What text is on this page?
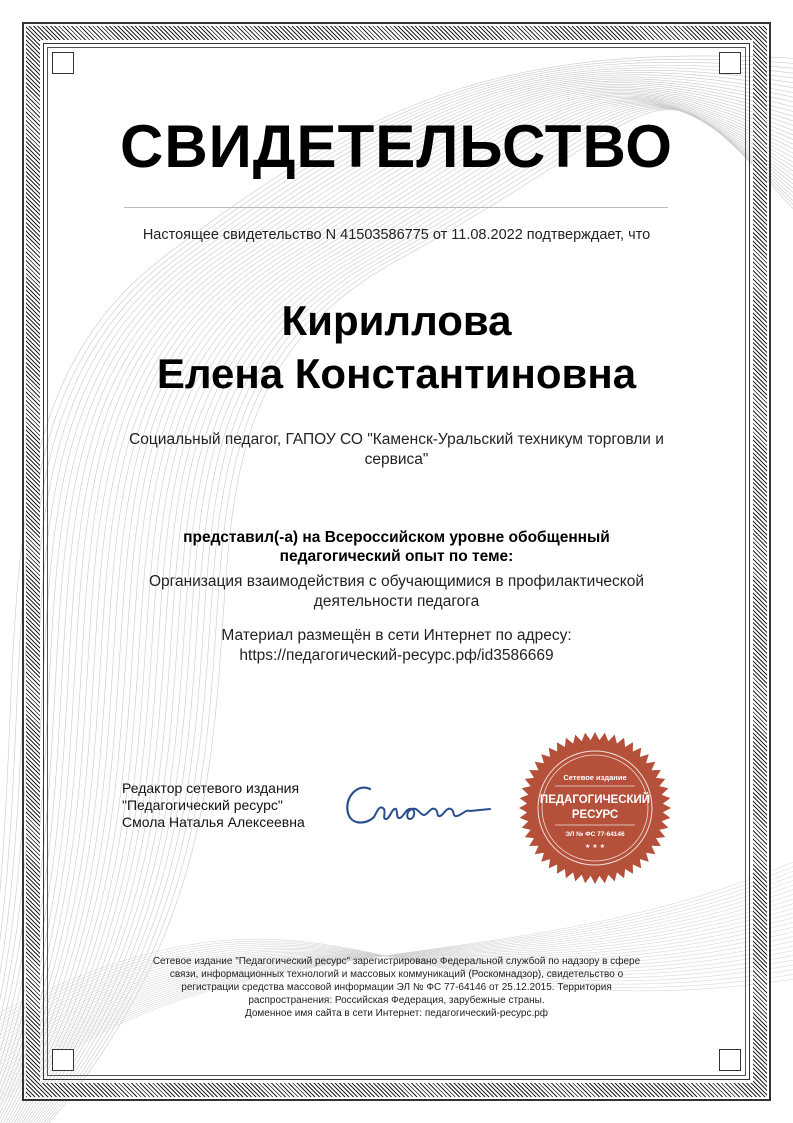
СВИДЕТЕЛЬСТВО
Настоящее свидетельство N 41503586775 от 11.08.2022 подтверждает, что
Кириллова
Елена Константиновна
Социальный педагог, ГАПОУ СО "Каменск-Уральский техникум торговли и сервиса"
представил(-а) на Всероссийском уровне обобщенный
педагогический опыт по теме:
Организация взаимодействия с обучающимися в профилактической деятельности педагога
Материал размещён в сети Интернет по адресу:
https://педагогический-ресурс.рф/id3586669
Редактор сетевого издания
"Педагогический ресурс"
Смола Наталья Алексеевна
Сетевое издание
ПЕДАГОГИЧЕСКИЙ
РЕСУРС
ЭЛ № ФС 77-64146
★ ★ ★
Сетевое издание "Педагогический ресурс" зарегистрировано Федеральной службой по надзору в сфере
связи, информационных технологий и массовых коммуникаций (Роскомнадзор), свидетельство о
регистрации средства массовой информации ЭЛ № ФС 77-64146 от 25.12.2015. Территория
распространения: Российская Федерация, зарубежные страны.
Доменное имя сайта в сети Интернет: педагогический-ресурс.рф
